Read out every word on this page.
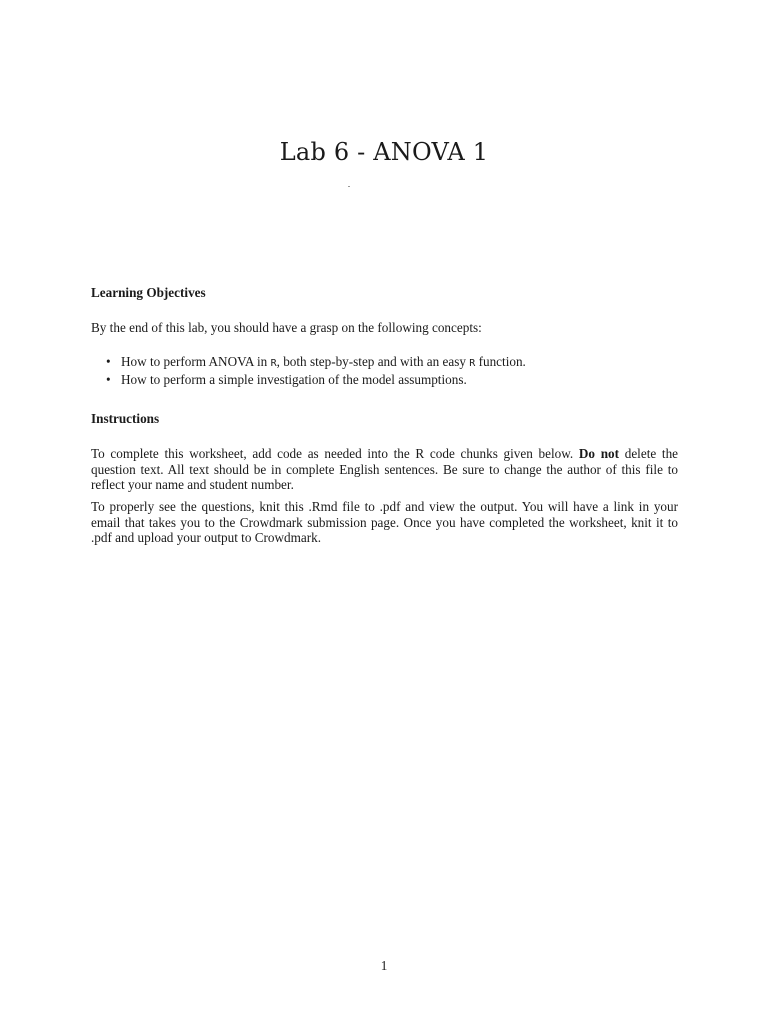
Lab 6 - ANOVA 1
Learning Objectives

By the end of this lab, you should have a grasp on the following concepts:

• How to perform ANOVA in R, both step-by-step and with an easy R function.
• How to perform a simple investigation of the model assumptions.
Instructions

To complete this worksheet, add code as needed into the R code chunks given below. Do not delete the question text. All text should be in complete English sentences. Be sure to change the author of this file to reflect your name and student number.

To properly see the questions, knit this .Rmd file to .pdf and view the output. You will have a link in your email that takes you to the Crowdmark submission page. Once you have completed the worksheet, knit it to .pdf and upload your output to Crowdmark.

1
